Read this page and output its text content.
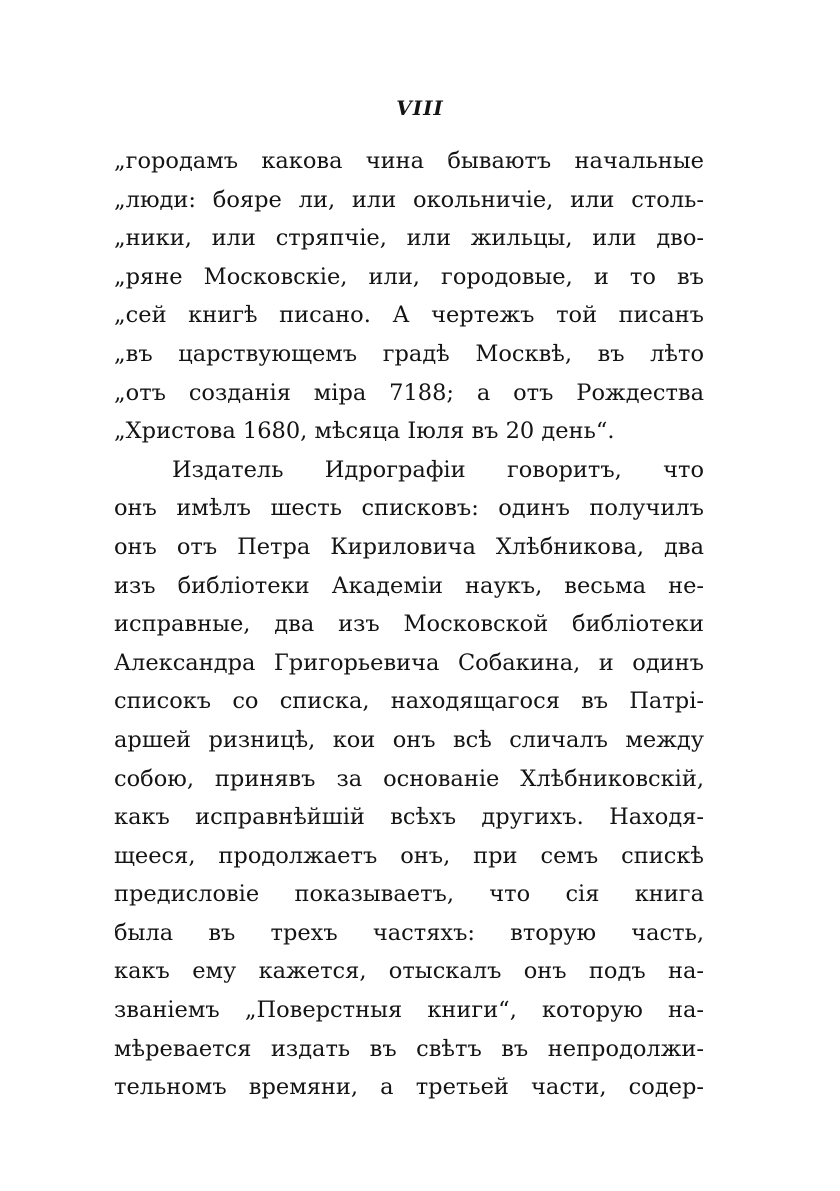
VIII
„городамъ какова чина бываютъ начальные
„люди: бояре ли, или окольничіе, или столь-
„ники, или стряпчіе, или жильцы, или дво-
„ряне Московскіе, или, городовые, и то въ
„сей книгѣ писано. А чертежъ той писанъ
„въ царствующемъ градѣ Москвѣ, въ лѣто
„отъ созданія міра 7188; а отъ Рождества
„Христова 1680, мѣсяца Іюля въ 20 день“.
Издатель Идрографіи говоритъ, что
онъ имѣлъ шесть списковъ: одинъ получилъ
онъ отъ Петра Кириловича Хлѣбникова, два
изъ библіотеки Академіи наукъ, весьма не-
исправные, два изъ Московской библіотеки
Александра Григорьевича Собакина, и одинъ
списокъ со списка, находящагося въ Патрі-
аршей ризницѣ, кои онъ всѣ сличалъ между
собою, принявъ за основаніе Хлѣбниковскій,
какъ исправнѣйшій всѣхъ другихъ. Находя-
щееся, продолжаетъ онъ, при семъ спискѣ
предисловіе показываетъ, что сія книга
была въ трехъ частяхъ: вторую часть,
какъ ему кажется, отыскалъ онъ подъ на-
званіемъ „Поверстныя книги“, которую на-
мѣревается издать въ свѣтъ въ непродолжи-
тельномъ времяни, а третьей части, содер-
